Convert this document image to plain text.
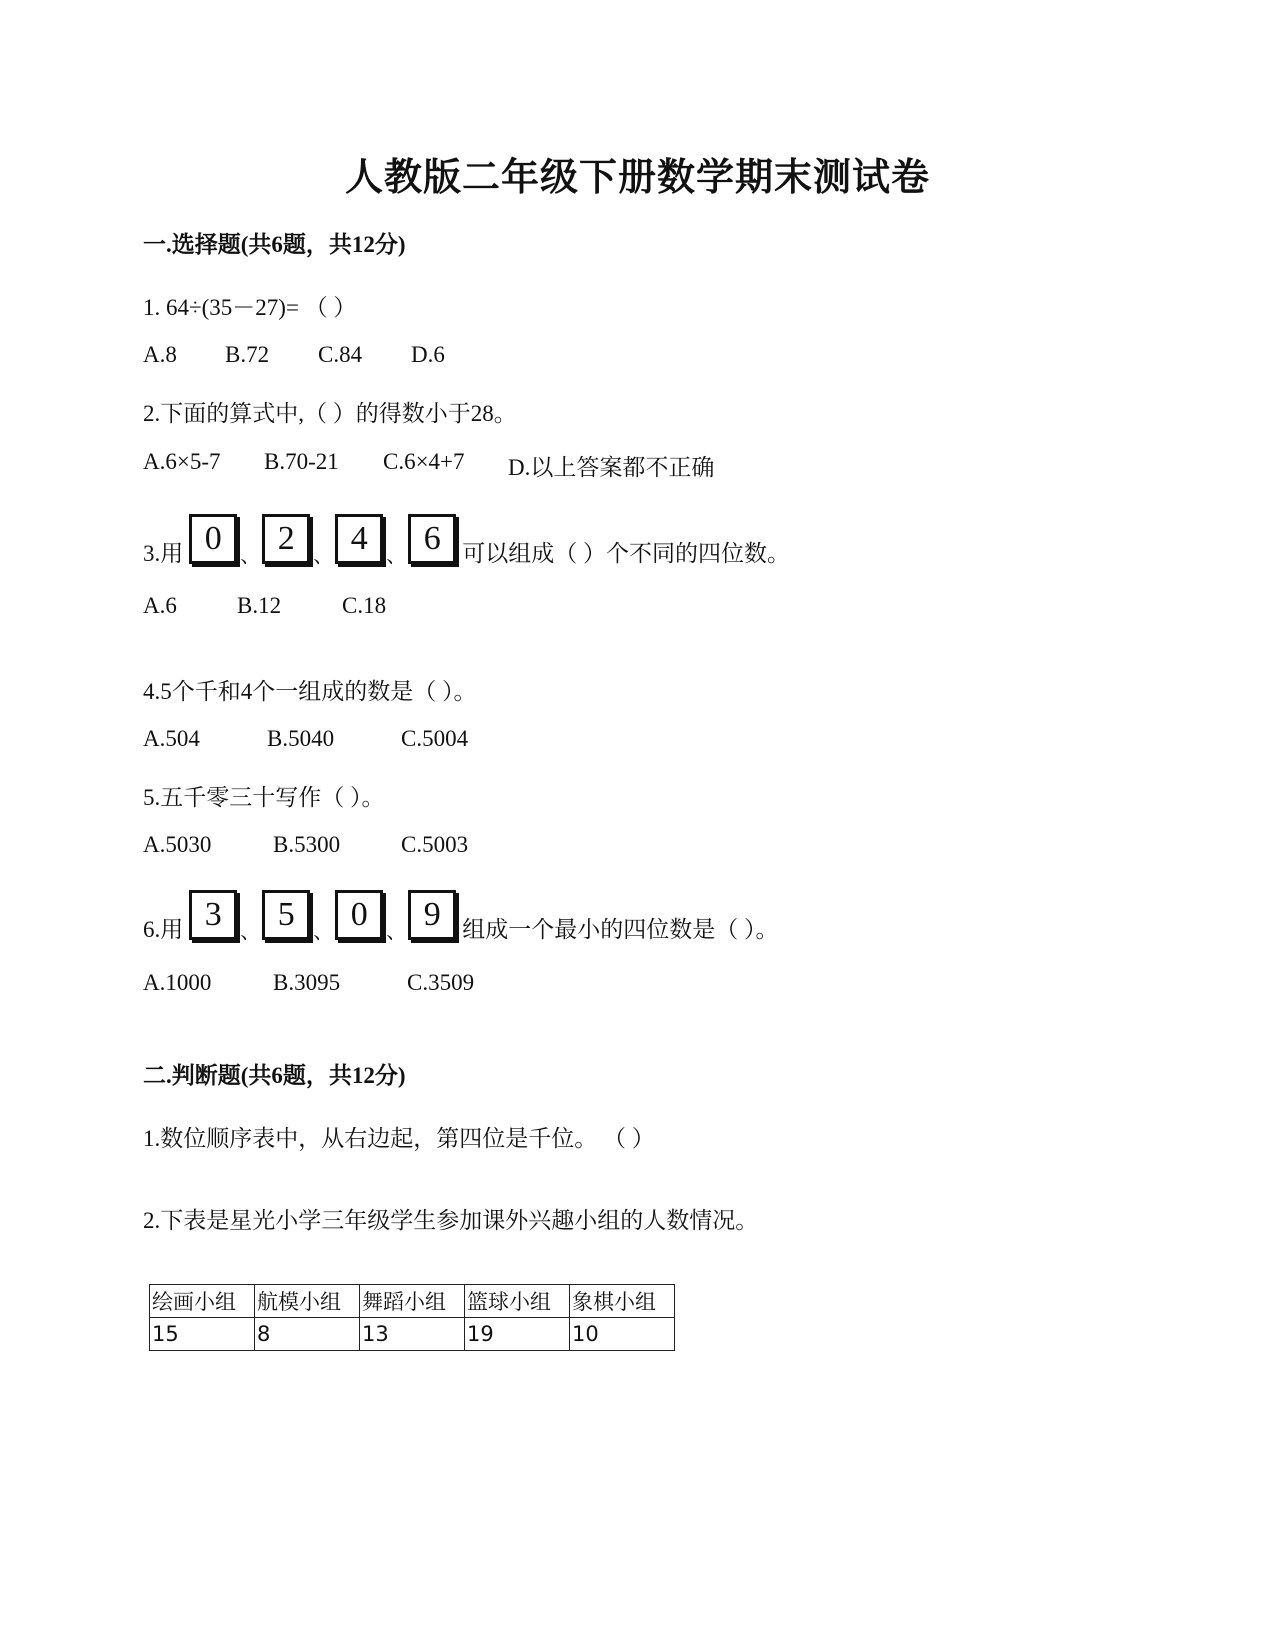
人教版二年级下册数学期末测试卷
一.选择题(共6题，共12分)
1. 64÷(35－27)= （ ）
A.8 B.72 C.84 D.6
2.下面的算式中,（ ）的得数小于28。
A.6×5-7 B.70-21 C.6×4+7 D.以上答案都不正确
3.用 0 、 2 、 4 、 6 可以组成（ ）个不同的四位数。
A.6	B.12	C.18
4.5个千和4个一组成的数是（ ）。
A.504	B.5040	C.5004
5.五千零三十写作（ ）。
A.5030	B.5300	C.5003
6.用 3 、 5 、 0 、 9 组成一个最小的四位数是（ ）。
A.1000	B.3095	C.3509
二.判断题(共6题，共12分)
1.数位顺序表中，从右边起，第四位是千位。 （ ）
2.下表是星光小学三年级学生参加课外兴趣小组的人数情况。
绘画小组	航模小组	舞蹈小组	篮球小组	象棋小组
15	8	13	19	10
